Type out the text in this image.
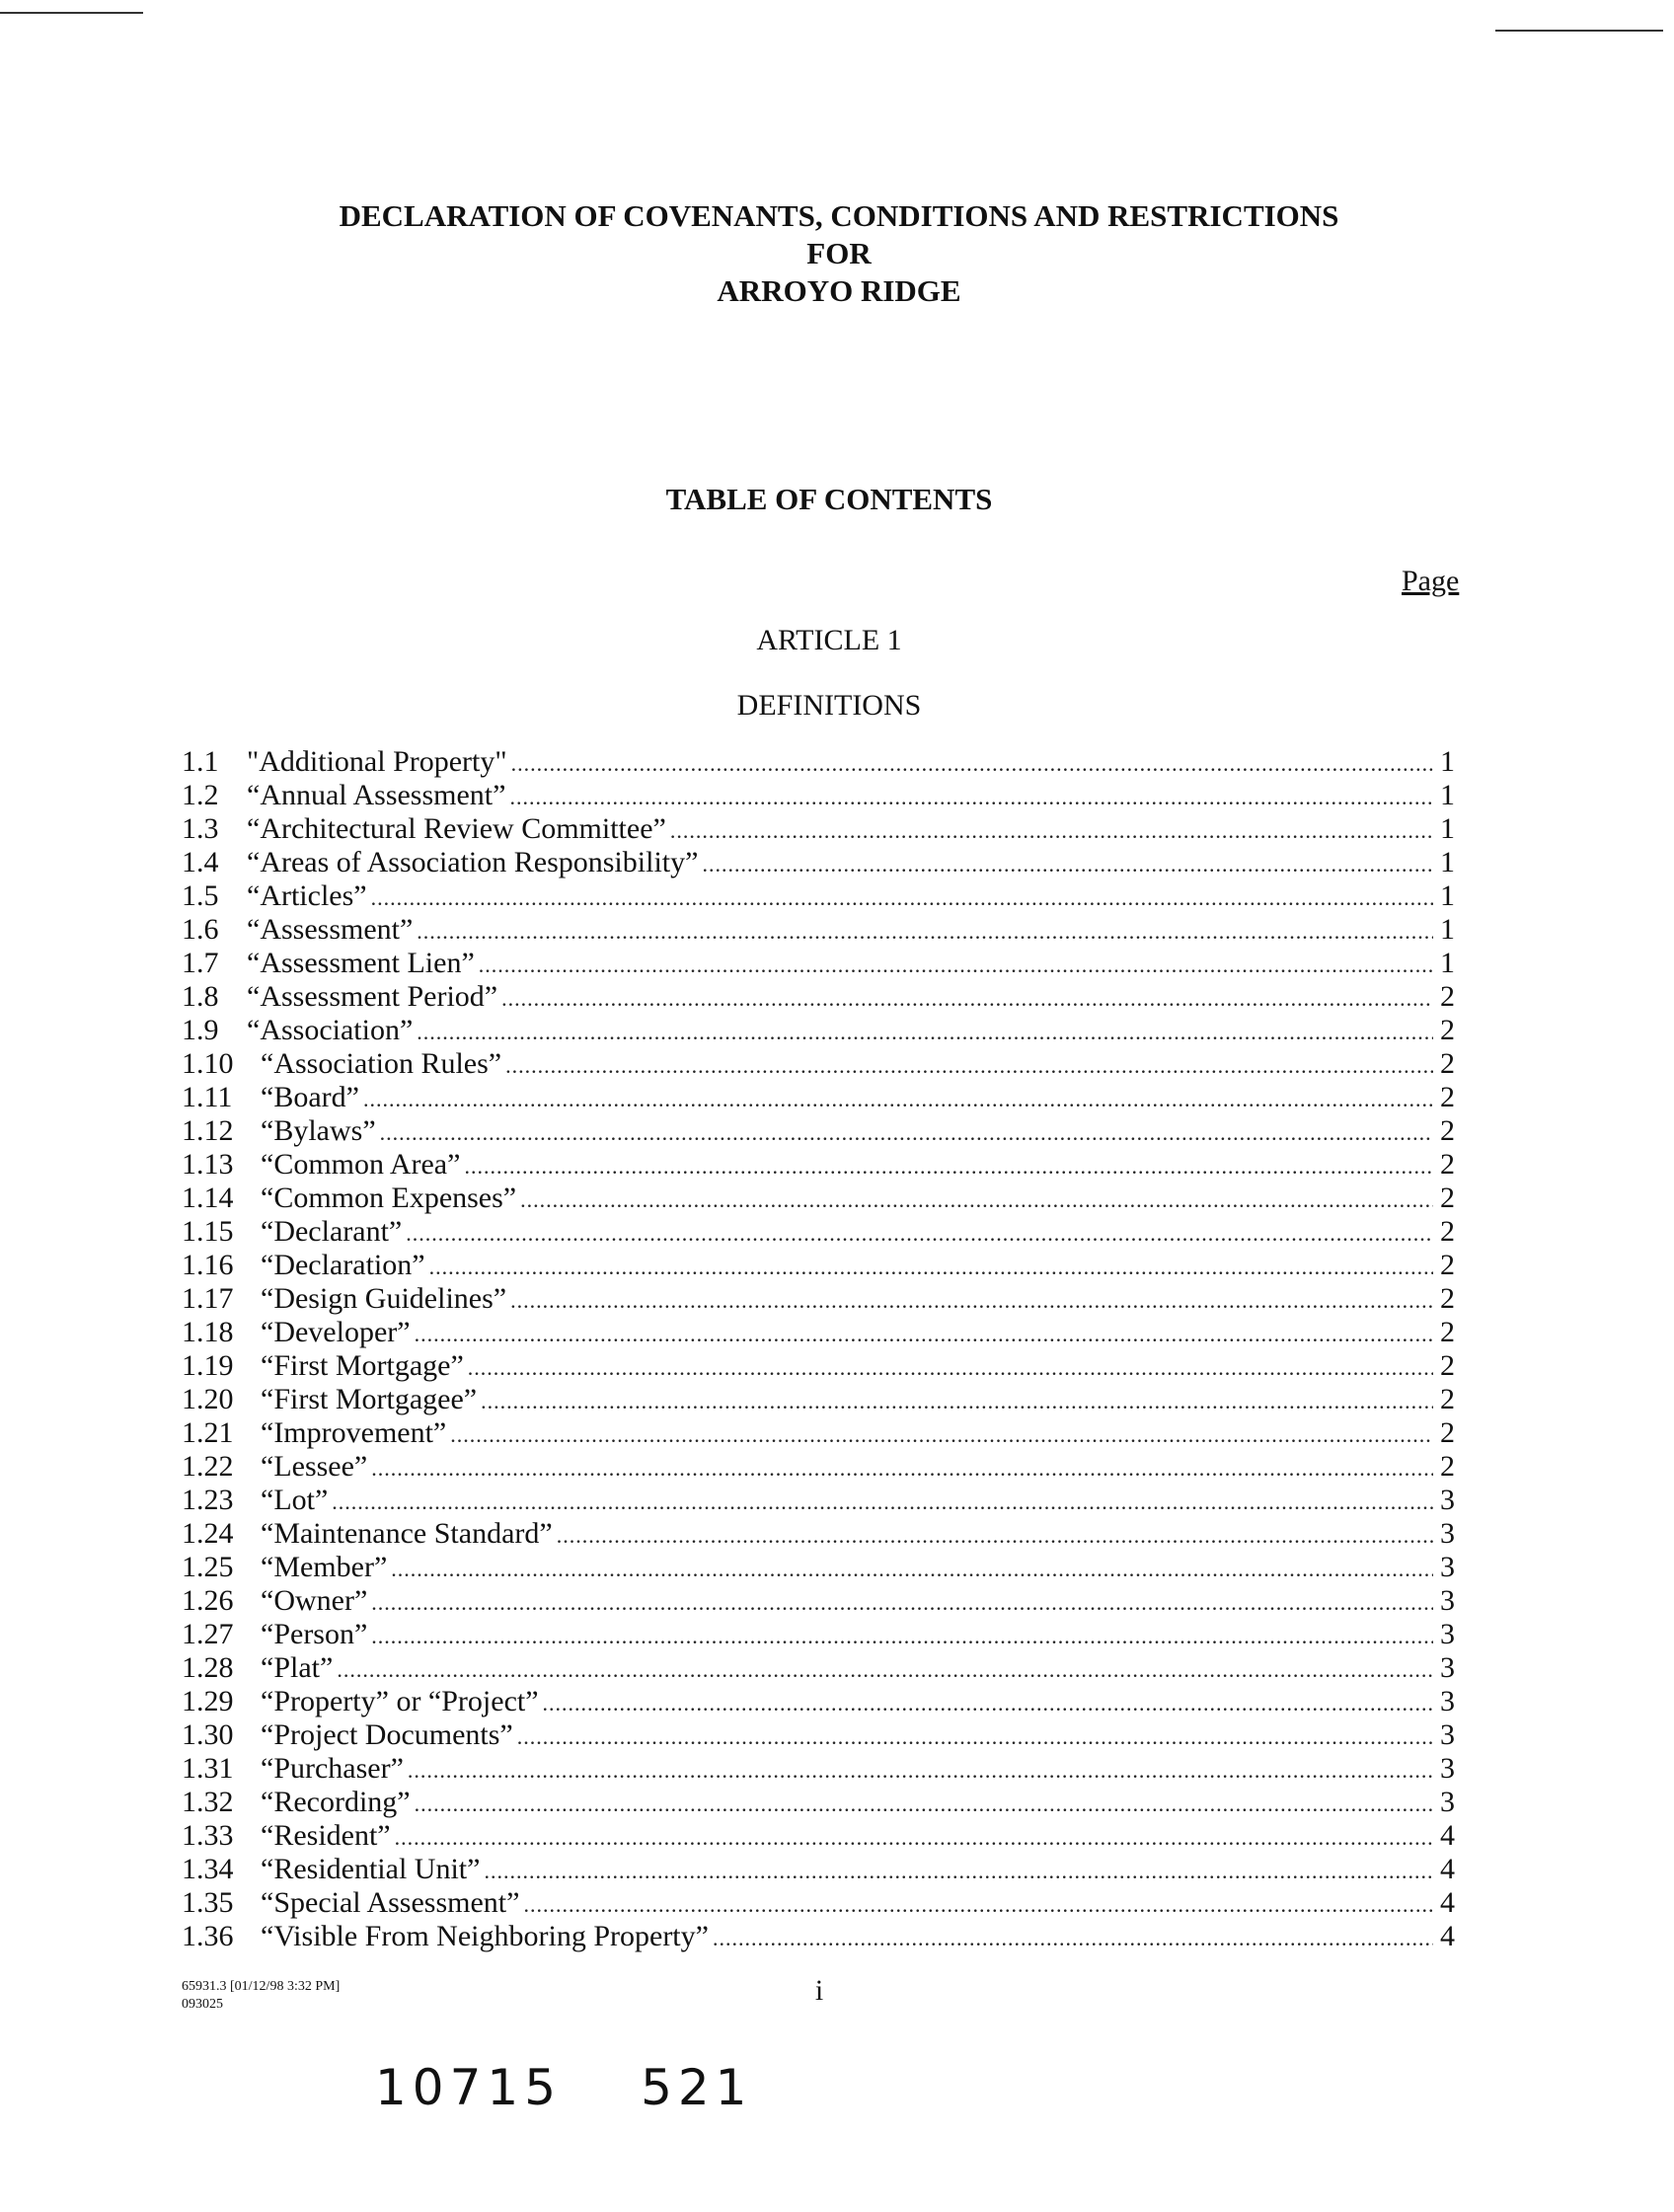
DECLARATION OF COVENANTS, CONDITIONS AND RESTRICTIONS
FOR
ARROYO RIDGE
TABLE OF CONTENTS
Page
ARTICLE 1
DEFINITIONS
1.1 "Additional Property" .....	1
1.2 “Annual Assessment” .....	1
1.3 “Architectural Review Committee” .....	1
1.4 “Areas of Association Responsibility” .....	1
1.5 “Articles” .....	1
1.6 “Assessment” .....	1
1.7 “Assessment Lien” .....	1
1.8 “Assessment Period” .....	2
1.9 “Association” .....	2
1.10 “Association Rules” .....	2
1.11 “Board” .....	2
1.12 “Bylaws” .....	2
1.13 “Common Area” .....	2
1.14 “Common Expenses” .....	2
1.15 “Declarant” .....	2
1.16 “Declaration” .....	2
1.17 “Design Guidelines” .....	2
1.18 “Developer” .....	2
1.19 “First Mortgage” .....	2
1.20 “First Mortgagee” .....	2
1.21 “Improvement” .....	2
1.22 “Lessee” .....	2
1.23 “Lot” .....	3
1.24 “Maintenance Standard” .....	3
1.25 “Member” .....	3
1.26 “Owner” .....	3
1.27 “Person” .....	3
1.28 “Plat” .....	3
1.29 “Property” or “Project” .....	3
1.30 “Project Documents” .....	3
1.31 “Purchaser” .....	3
1.32 “Recording” .....	3
1.33 “Resident” .....	4
1.34 “Residential Unit” .....	4
1.35 “Special Assessment” .....	4
1.36 “Visible From Neighboring Property” .....	4
65931.3 [01/12/98 3:32 PM]
093025	i
10715 521
